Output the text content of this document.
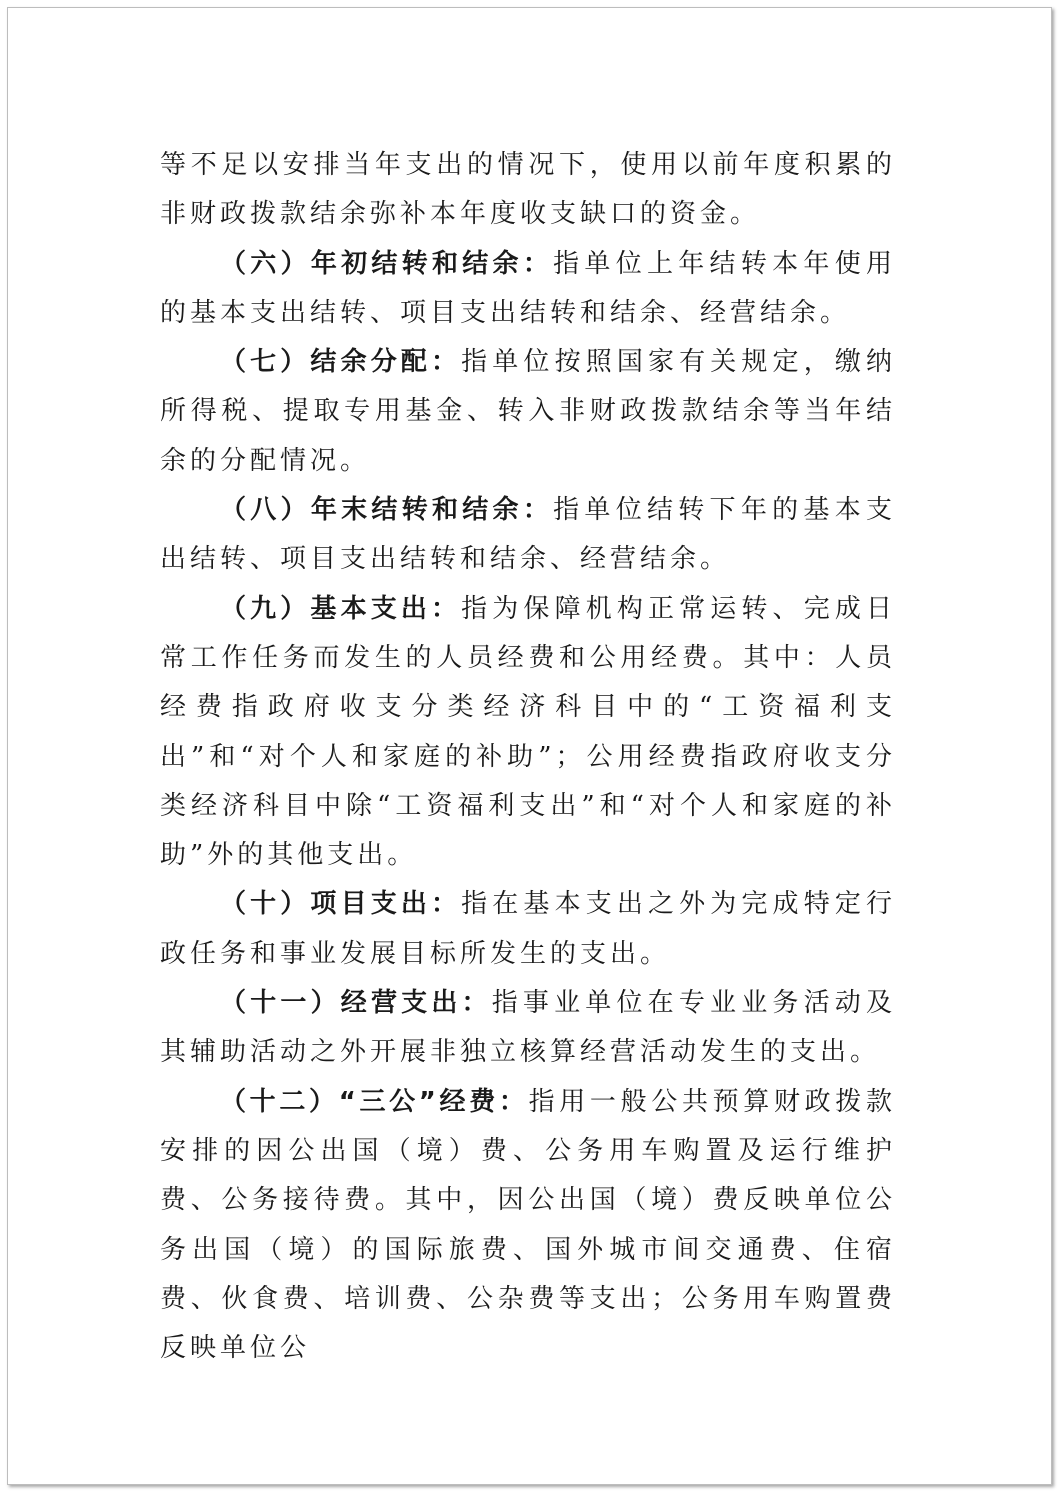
等不足以安排当年支出的情况下，使用以前年度积累的非财政拨款结余弥补本年度收支缺口的资金。

（六）年初结转和结余：指单位上年结转本年使用的基本支出结转、项目支出结转和结余、经营结余。

（七）结余分配：指单位按照国家有关规定，缴纳所得税、提取专用基金、转入非财政拨款结余等当年结余的分配情况。

（八）年末结转和结余：指单位结转下年的基本支出结转、项目支出结转和结余、经营结余。

（九）基本支出：指为保障机构正常运转、完成日常工作任务而发生的人员经费和公用经费。其中：人员经费指政府收支分类经济科目中的“工资福利支出”和“对个人和家庭的补助”；公用经费指政府收支分类经济科目中除“工资福利支出”和“对个人和家庭的补助”外的其他支出。

（十）项目支出：指在基本支出之外为完成特定行政任务和事业发展目标所发生的支出。

（十一）经营支出：指事业单位在专业业务活动及其辅助活动之外开展非独立核算经营活动发生的支出。

（十二）“三公”经费：指用一般公共预算财政拨款安排的因公出国（境）费、公务用车购置及运行维护费、公务接待费。其中，因公出国（境）费反映单位公务出国（境）的国际旅费、国外城市间交通费、住宿费、伙食费、培训费、公杂费等支出；公务用车购置费反映单位公
